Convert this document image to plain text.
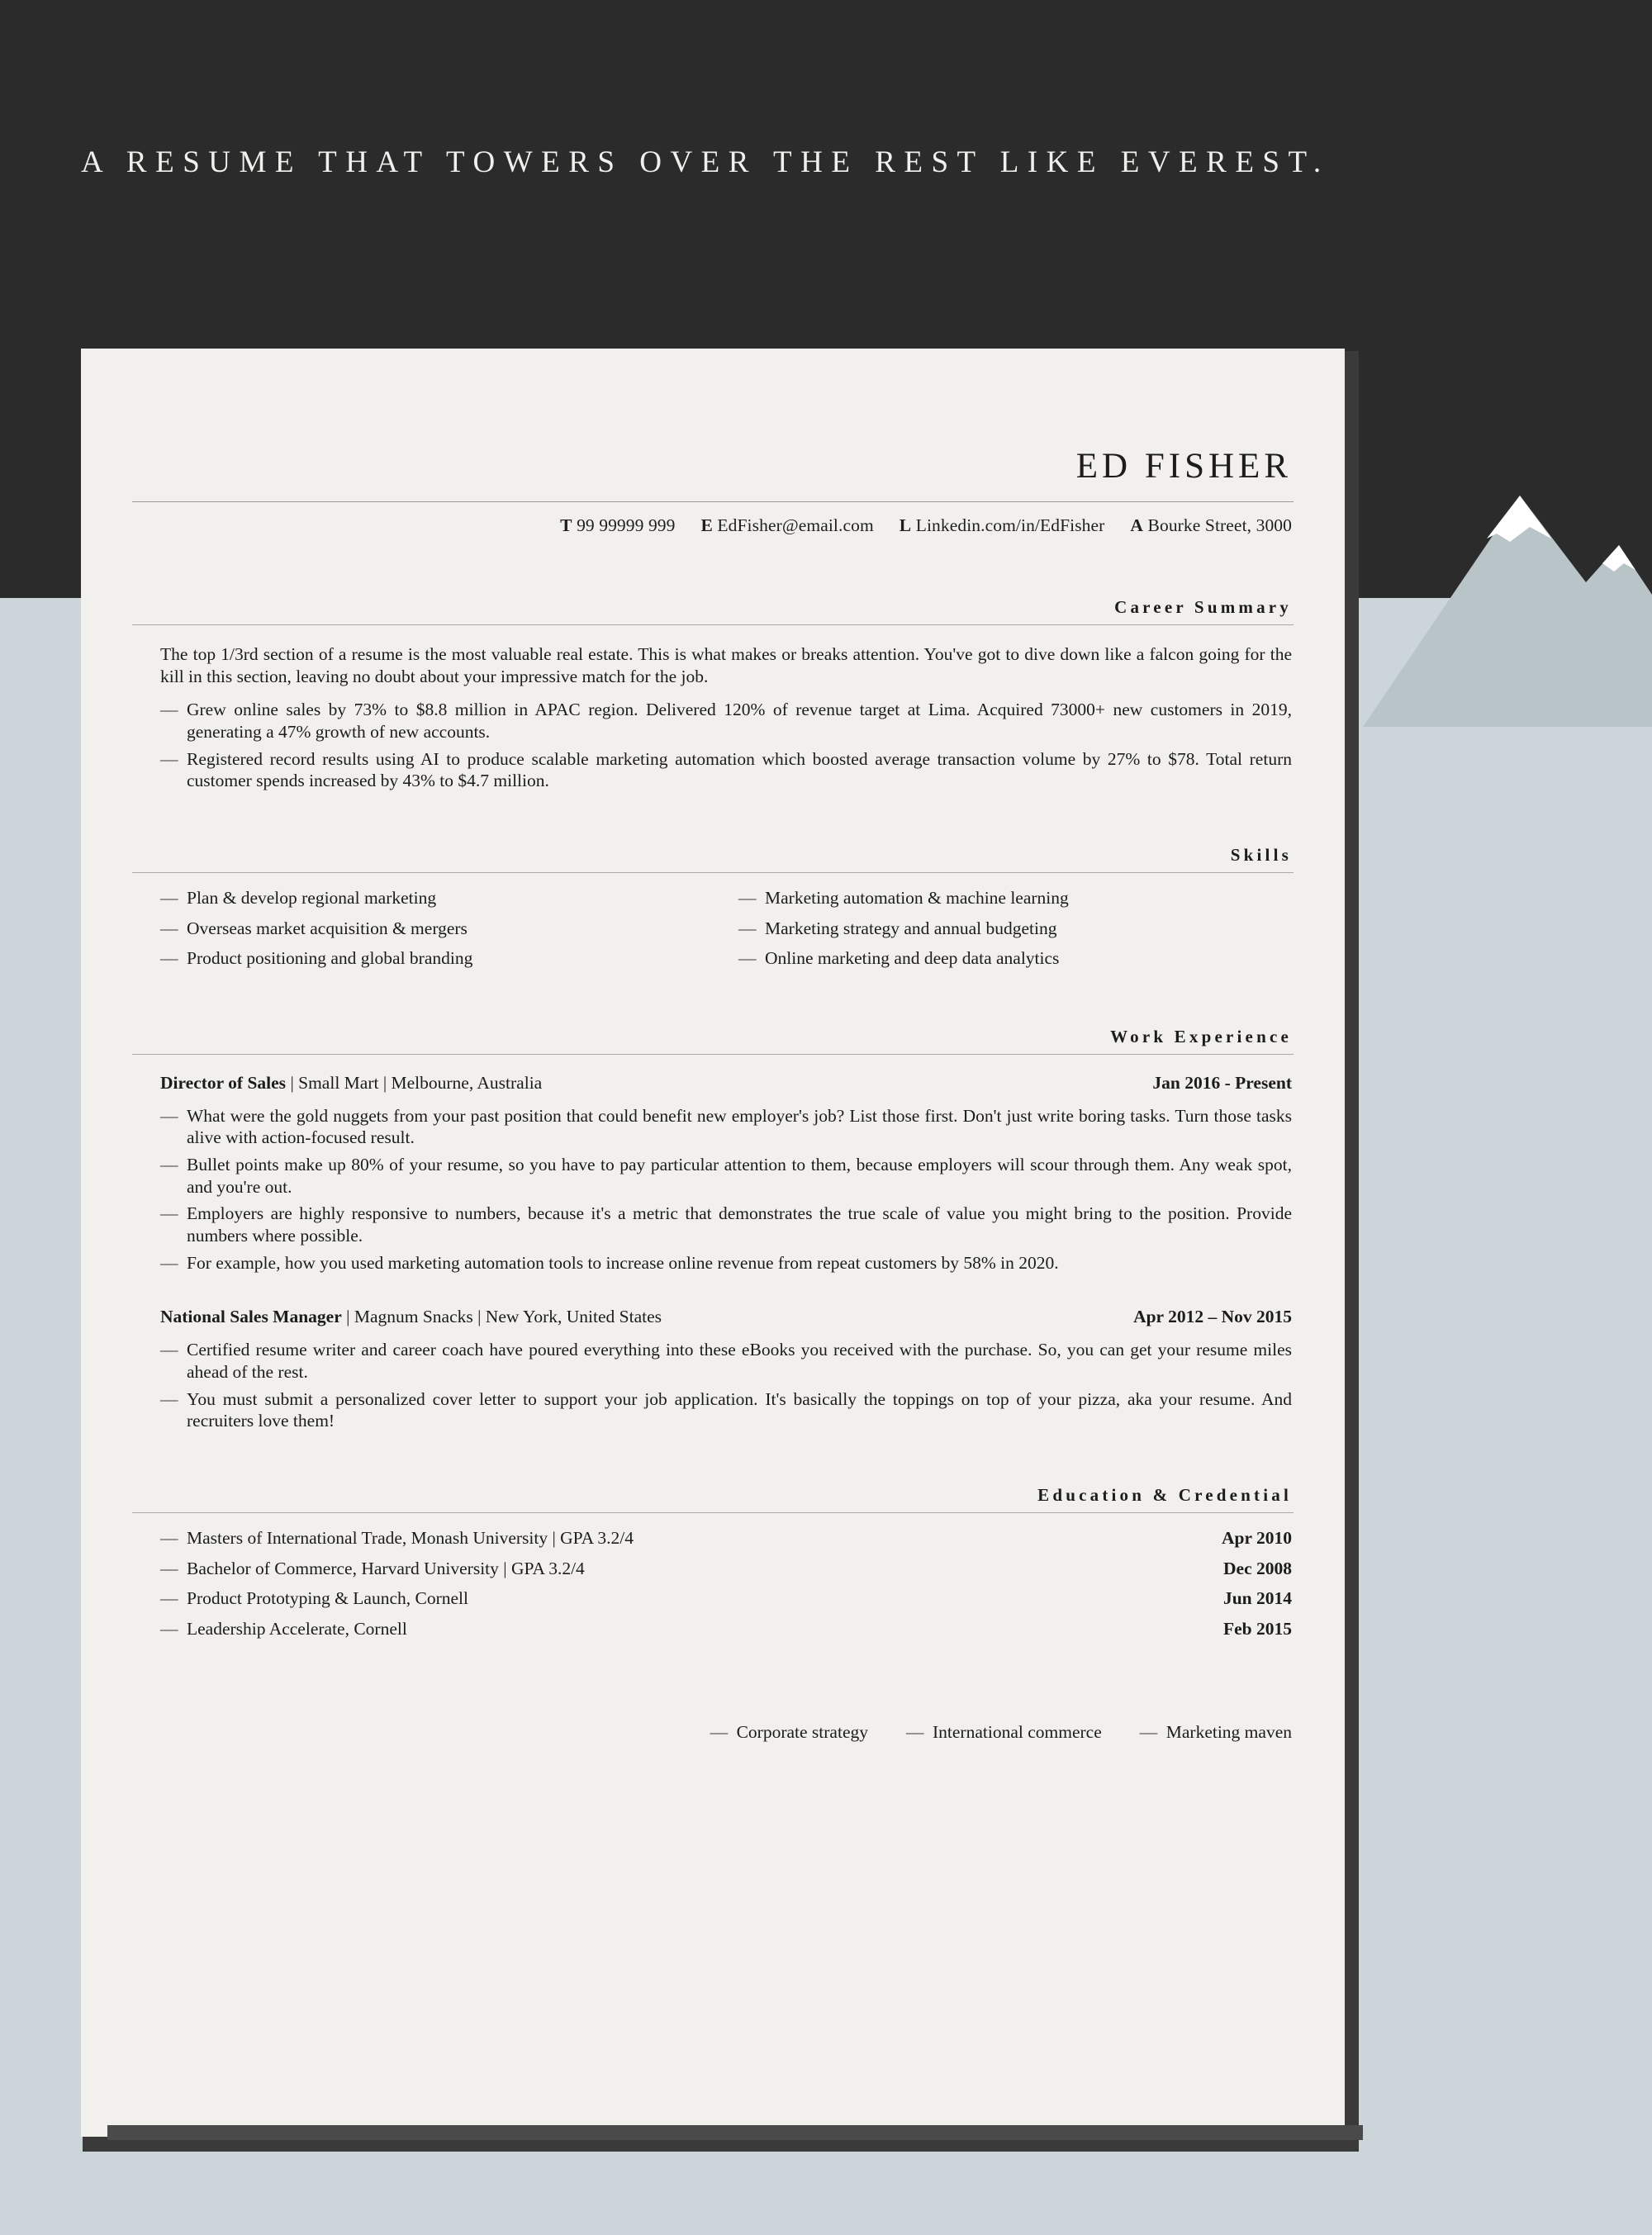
A RESUME THAT TOWERS OVER THE REST LIKE EVEREST.
ED FISHER
T 99 99999 999 E EdFisher@email.com L Linkedin.com/in/EdFisher A Bourke Street, 3000
Career Summary
The top 1/3rd section of a resume is the most valuable real estate. This is what makes or breaks attention. You've got to dive down like a falcon going for the kill in this section, leaving no doubt about your impressive match for the job.
— Grew online sales by 73% to $8.8 million in APAC region. Delivered 120% of revenue target at Lima. Acquired 73000+ new customers in 2019, generating a 47% growth of new accounts.
— Registered record results using AI to produce scalable marketing automation which boosted average transaction volume by 27% to $78. Total return customer spends increased by 43% to $4.7 million.
Skills
— Plan & develop regional marketing
— Overseas market acquisition & mergers
— Product positioning and global branding
— Marketing automation & machine learning
— Marketing strategy and annual budgeting
— Online marketing and deep data analytics
Work Experience
Director of Sales | Small Mart | Melbourne, Australia	Jan 2016 - Present
— What were the gold nuggets from your past position that could benefit new employer's job? List those first. Don't just write boring tasks. Turn those tasks alive with action-focused result.
— Bullet points make up 80% of your resume, so you have to pay particular attention to them, because employers will scour through them. Any weak spot, and you're out.
— Employers are highly responsive to numbers, because it's a metric that demonstrates the true scale of value you might bring to the position. Provide numbers where possible.
— For example, how you used marketing automation tools to increase online revenue from repeat customers by 58% in 2020.
National Sales Manager | Magnum Snacks | New York, United States	Apr 2012 – Nov 2015
— Certified resume writer and career coach have poured everything into these eBooks you received with the purchase. So, you can get your resume miles ahead of the rest.
— You must submit a personalized cover letter to support your job application. It's basically the toppings on top of your pizza, aka your resume. And recruiters love them!
Education & Credential
— Masters of International Trade, Monash University | GPA 3.2/4	Apr 2010
— Bachelor of Commerce, Harvard University | GPA 3.2/4	Dec 2008
— Product Prototyping & Launch, Cornell	Jun 2014
— Leadership Accelerate, Cornell	Feb 2015
— Corporate strategy	— International commerce	— Marketing maven
